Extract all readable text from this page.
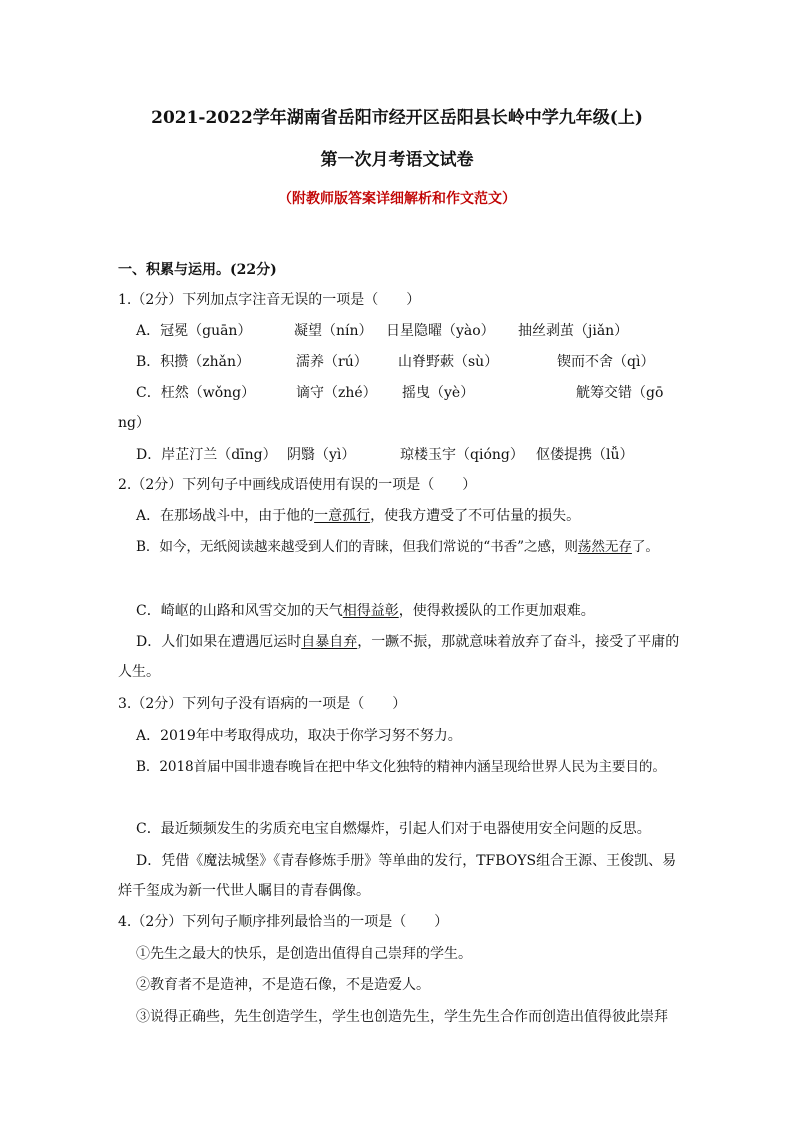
2021-2022学年湖南省岳阳市经开区岳阳县长岭中学九年级(上)
第一次月考语文试卷
（附教师版答案详细解析和作文范文）
一、积累与运用。(22分)
1.（2分）下列加点字注音无误的一项是（　　）
A．冠冕（guān）	凝望（nín） 日星隐曜（yào） 抽丝剥茧（jiǎn）
B．积攒（zhǎn）	濡养（rú） 山脊野蔌（sù）	锲而不舍（qì）
C．枉然（wǒng）	谪守（zhé） 摇曳（yè）	觥筹交错（gō
ng）
D．岸芷汀兰（dīng） 阴翳（yì）	琼楼玉宇（qióng） 伛偻提携（lǚ）
2.（2分）下列句子中画线成语使用有误的一项是（　　）
A．在那场战斗中，由于他的一意孤行，使我方遭受了不可估量的损失。
B．如今，无纸阅读越来越受到人们的青睐，但我们常说的“书香”之感，则荡然无存了。
C．崎岖的山路和风雪交加的天气相得益彰，使得救援队的工作更加艰难。
D．人们如果在遭遇厄运时自暴自弃，一蹶不振，那就意味着放弃了奋斗，接受了平庸的
人生。
3.（2分）下列句子没有语病的一项是（　　）
A．2019年中考取得成功，取决于你学习努不努力。
B．2018首届中国非遗春晚旨在把中华文化独特的精神内涵呈现给世界人民为主要目的。
C．最近频频发生的劣质充电宝自燃爆炸，引起人们对于电器使用安全问题的反思。
D．凭借《魔法城堡》《青春修炼手册》等单曲的发行，TFBOYS组合王源、王俊凯、易
烊千玺成为新一代世人瞩目的青春偶像。
4.（2分）下列句子顺序排列最恰当的一项是（　　）
①先生之最大的快乐，是创造出值得自己崇拜的学生。
②教育者不是造神，不是造石像，不是造爱人。
③说得正确些，先生创造学生，学生也创造先生，学生先生合作而创造出值得彼此崇拜
